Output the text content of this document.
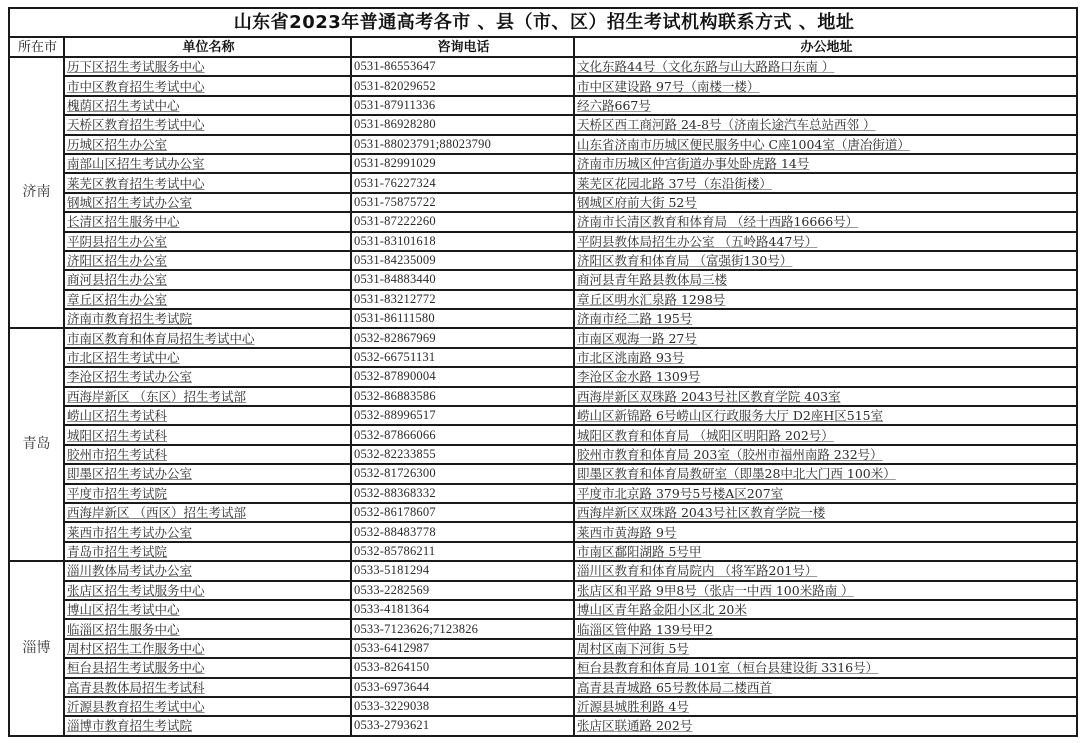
山东省2023年普通高考各市 、县（市、区）招生考试机构联系方式 、地址			
所在市	单位名称	咨询电话	办公地址
济南	历下区招生考试服务中心	0531-86553647	文化东路44号（文化东路与山大路路口东南 ）
	市中区教育招生考试中心	0531-82029652	市中区建设路 97号（南楼一楼）
	槐荫区招生考试中心	0531-87911336	经六路667号
	天桥区教育招生考试中心	0531-86928280	天桥区西工商河路 24-8号（济南长途汽车总站西邻 ）
	历城区招生办公室	0531-88023791;88023790	山东省济南市历城区便民服务中心 C座1004室（唐冶街道）
	南部山区招生考试办公室	0531-82991029	济南市历城区仲宫街道办事处卧虎路 14号
	莱芜区教育招生考试中心	0531-76227324	莱芜区花园北路 37号（东沿街楼）
	钢城区招生考试办公室	0531-75875722	钢城区府前大街 52号
	长清区招生服务中心	0531-87222260	济南市长清区教育和体育局 （经十西路16666号）
	平阴县招生办公室	0531-83101618	平阴县教体局招生办公室 （五岭路447号）
	济阳区招生办公室	0531-84235009	济阳区教育和体育局 （富强街130号）
	商河县招生办公室	0531-84883440	商河县青年路县教体局三楼
	章丘区招生办公室	0531-83212772	章丘区明水汇泉路 1298号
	济南市教育招生考试院	0531-86111580	济南市经二路 195号
青岛	市南区教育和体育局招生考试中心	0532-82867969	市南区观海一路 27号
	市北区招生考试中心	0532-66751131	市北区洮南路 93号
	李沧区招生考试办公室	0532-87890004	李沧区金水路 1309号
	西海岸新区 （东区）招生考试部	0532-86883586	西海岸新区双珠路 2043号社区教育学院 403室
	崂山区招生考试科	0532-88996517	崂山区新锦路 6号崂山区行政服务大厅 D2座H区515室
	城阳区招生考试科	0532-87866066	城阳区教育和体育局 （城阳区明阳路 202号）
	胶州市招生考试科	0532-82233855	胶州市教育和体育局 203室（胶州市福州南路 232号）
	即墨区招生考试办公室	0532-81726300	即墨区教育和体育局教研室（即墨28中北大门西 100米）
	平度市招生考试院	0532-88368332	平度市北京路 379号5号楼A区207室
	西海岸新区 （西区）招生考试部	0532-86178607	西海岸新区双珠路 2043号社区教育学院一楼
	莱西市招生考试办公室	0532-88483778	莱西市黄海路 9号
	青岛市招生考试院	0532-85786211	市南区鄱阳湖路 5号甲
淄博	淄川教体局考试办公室	0533-5181294	淄川区教育和体育局院内 （将军路201号）
	张店区招生考试服务中心	0533-2282569	张店区和平路 9甲8号（张店一中西 100米路南 ）
	博山区招生考试中心	0533-4181364	博山区青年路金阳小区北 20米
	临淄区招生服务中心	0533-7123626;7123826	临淄区管仲路 139号甲2
	周村区招生工作服务中心	0533-6412987	周村区南下河街 5号
	桓台县招生考试服务中心	0533-8264150	桓台县教育和体育局 101室（桓台县建设街 3316号）
	高青县教体局招生考试科	0533-6973644	高青县青城路 65号教体局二楼西首
	沂源县教育招生考试中心	0533-3229038	沂源县城胜利路 4号
	淄博市教育招生考试院	0533-2793621	张店区联通路 202号
